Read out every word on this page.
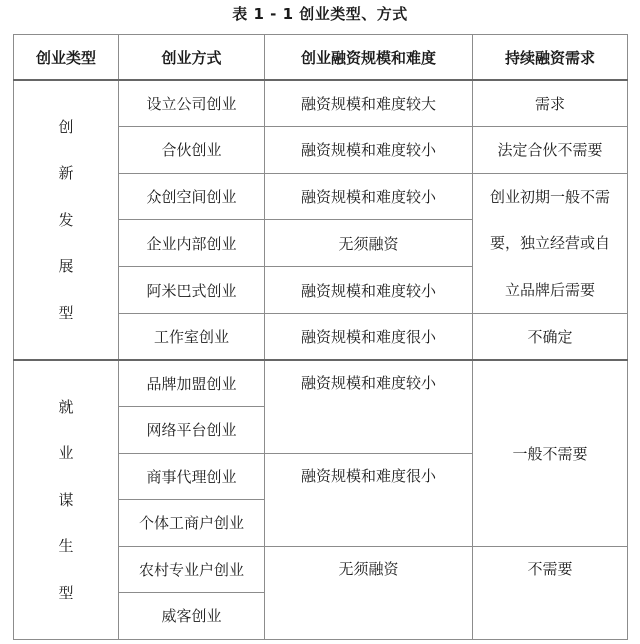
表 1 - 1 创业类型、方式
创业类型	创业方式	创业融资规模和难度	持续融资需求

创
新
发
展
型	设立公司创业	融资规模和难度较大	需求
	合伙创业	融资规模和难度较小	法定合伙不需要
	众创空间创业	融资规模和难度较小	创业初期一般不需
要，独立经营或自
立品牌后需要

	企业内部创业	无须融资	
	阿米巴式创业	融资规模和难度较小	
	工作室创业	融资规模和难度很小	不确定

就
业
谋
生
型	品牌加盟创业	融资规模和难度较小	一般不需要
	网络平台创业		
	商事代理创业	融资规模和难度很小	
	个体工商户创业		
	农村专业户创业	无须融资	不需要
	威客创业		
